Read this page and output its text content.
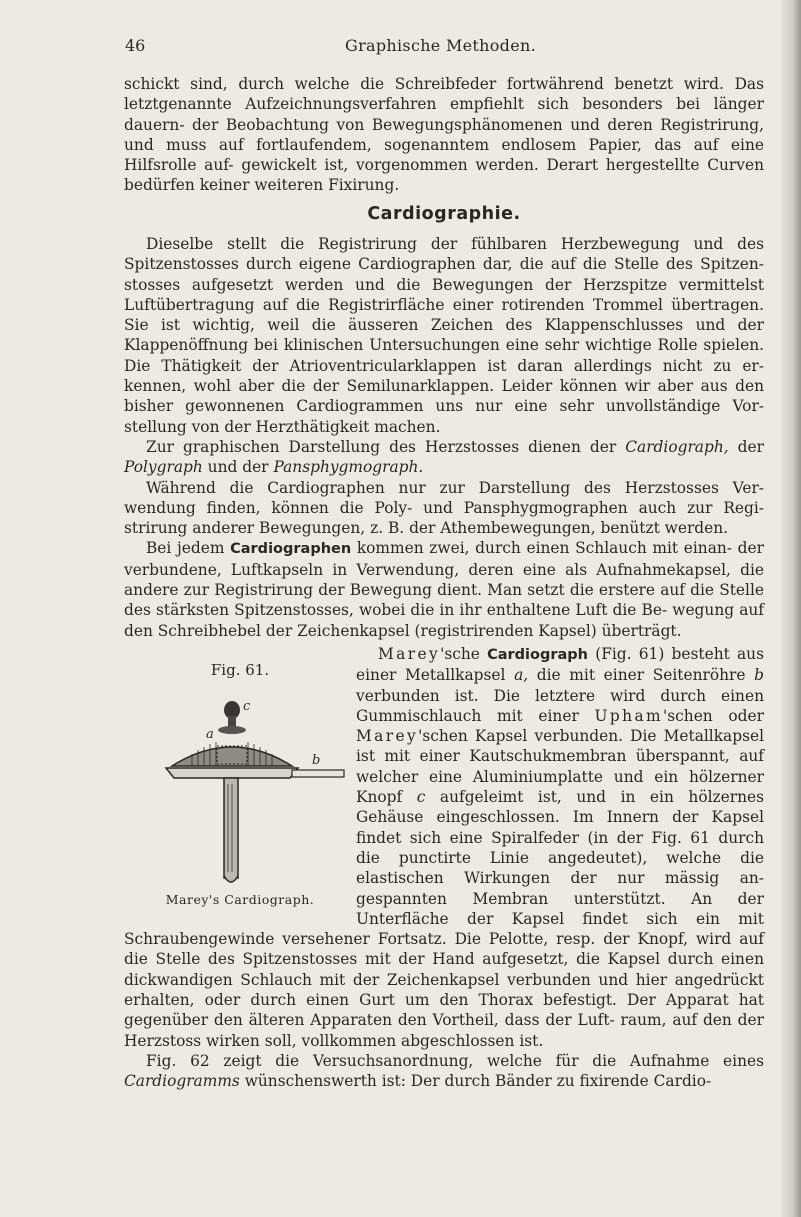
46	Graphische Methoden.

schickt sind, durch welche die Schreibfeder fortwährend benetzt wird. Das letztgenannte Aufzeichnungsverfahren empfiehlt sich besonders bei länger dauern- der Beobachtung von Bewegungsphänomenen und deren Registrirung, und muss auf fortlaufendem, sogenanntem endlosem Papier, das auf eine Hilfsrolle auf- gewickelt ist, vorgenommen werden. Derart hergestellte Curven bedürfen keiner weiteren Fixirung.

Cardiographie.

Dieselbe stellt die Registrirung der fühlbaren Herzbewegung und des Spitzenstosses durch eigene Cardiographen dar, die auf die Stelle des Spitzen- stosses aufgesetzt werden und die Bewegungen der Herzspitze vermittelst Luftübertragung auf die Registrirfläche einer rotirenden Trommel übertragen. Sie ist wichtig, weil die äusseren Zeichen des Klappenschlusses und der Klappenöffnung bei klinischen Untersuchungen eine sehr wichtige Rolle spielen. Die Thätigkeit der Atrioventricularklappen ist daran allerdings nicht zu er- kennen, wohl aber die der Semilunarklappen. Leider können wir aber aus den bisher gewonnenen Cardiogrammen uns nur eine sehr unvollständige Vor- stellung von der Herzthätigkeit machen.

Zur graphischen Darstellung des Herzstosses dienen der Cardiograph, der Polygraph und der Pansphygmograph.

Während die Cardiographen nur zur Darstellung des Herzstosses Ver- wendung finden, können die Poly- und Pansphygmographen auch zur Regi- strirung anderer Bewegungen, z. B. der Athembewegungen, benützt werden.

Bei jedem Cardiographen kommen zwei, durch einen Schlauch mit einan- der verbundene, Luftkapseln in Verwendung, deren eine als Aufnahmekapsel, die andere zur Registrirung der Bewegung dient. Man setzt die erstere auf die Stelle des stärksten Spitzenstosses, wobei die in ihr enthaltene Luft die Be- wegung auf den Schreibhebel der Zeichenkapsel (registrirenden Kapsel) überträgt.

Fig. 61.
c
a
b
Marey's Cardiograph.

Marey'sche Cardiograph (Fig. 61) besteht aus einer Metallkapsel a, die mit einer Seitenröhre b verbunden ist. Die letztere wird durch einen Gummischlauch mit einer Upham'schen oder Marey'schen Kapsel verbunden. Die Metallkapsel ist mit einer Kautschukmembran überspannt, auf welcher eine Aluminiumplatte und ein hölzerner Knopf c aufgeleimt ist, und in ein hölzernes Gehäuse eingeschlossen. Im Innern der Kapsel findet sich eine Spiralfeder (in der Fig. 61 durch die punctirte Linie angedeutet), welche die elastischen Wirkungen der nur mässig an- gespannten Membran unterstützt. An der Unterfläche der Kapsel findet sich ein mit Schraubengewinde versehener Fortsatz. Die Pelotte, resp. der Knopf, wird auf die Stelle des Spitzenstosses mit der Hand aufgesetzt, die Kapsel durch einen dickwandigen Schlauch mit der Zeichenkapsel verbunden und hier angedrückt erhalten, oder durch einen Gurt um den Thorax befestigt. Der Apparat hat gegenüber den älteren Apparaten den Vortheil, dass der Luft- raum, auf den der Herzstoss wirken soll, vollkommen abgeschlossen ist.

Fig. 62 zeigt die Versuchsanordnung, welche für die Aufnahme eines Cardiogramms wünschenswerth ist: Der durch Bänder zu fixirende Cardio-
